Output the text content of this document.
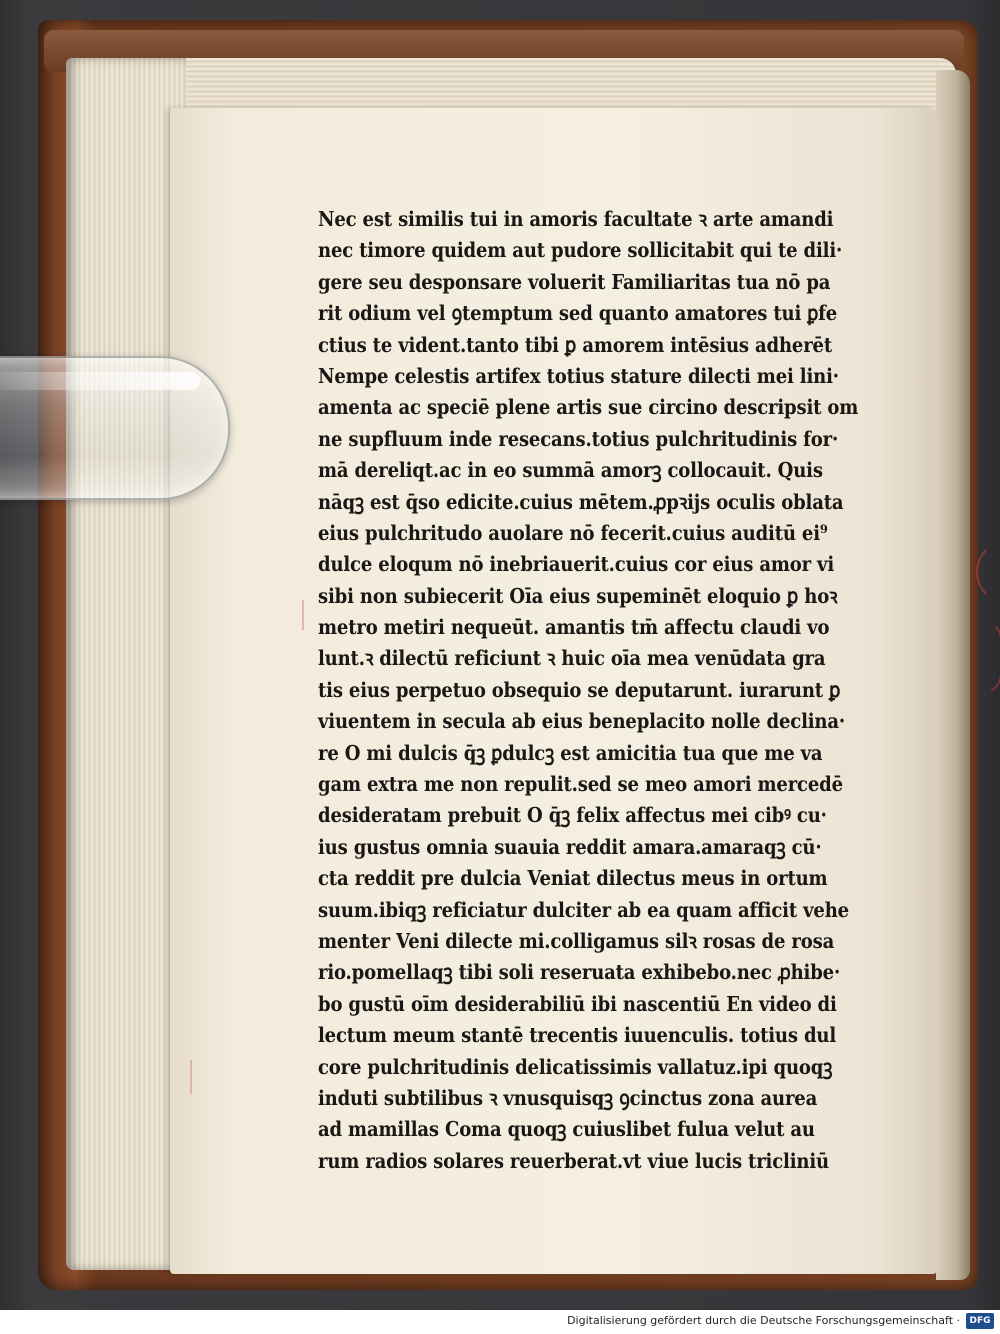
Nec est similis tui in amoris facultate ꝛ arte amandi
nec timore quidem aut pudore sollicitabit qui te dili·
gere seu desponsare voluerit Familiaritas tua nō pa
rit odium vel ꝯtemptum sed quanto amatores tui ꝑfe
ctius te vident.tanto tibi ꝑ amorem intēsius adherēt
Nempe celestis artifex totius stature dilecti mei lini·
amenta ac speciē plene artis sue circino descripsit om
ne supfluum inde resecans.totius pulchritudinis for·
mā dereliqt.ac in eo summā amorꝫ collocauit. Quis
nāqꝫ est q̄so edicite.cuius mētem.ꝓpꝛijs oculis oblata
eius pulchritudo auolare nō fecerit.cuius auditū ei⁹
dulce eloqum nō inebriauerit.cuius cor eius amor vi
sibi non subiecerit Oīa eius supeminēt eloquio ꝑ hoꝛ
metro metiri nequeūt. amantis tm̄ affectu claudi vo
lunt.ꝛ dilectū reficiunt ꝛ huic oīa mea venūdata gra
tis eius perpetuo obsequio se deputarunt. iurarunt ꝑ
viuentem in secula ab eius beneplacito nolle declina·
re O mi dulcis q̄ꝫ ꝑdulcꝫ est amicitia tua que me va
gam extra me non repulit.sed se meo amori mercedē
desideratam prebuit O q̄ꝫ felix affectus mei cibꝰ cu·
ius gustus omnia suauia reddit amara.amaraqꝫ cū·
cta reddit pre dulcia Veniat dilectus meus in ortum
suum.ibiqꝫ reficiatur dulciter ab ea quam afficit vehe
menter Veni dilecte mi.colligamus silꝛ rosas de rosa
rio.pomellaqꝫ tibi soli reseruata exhibebo.nec ꝓhibe·
bo gustū oīm desiderabiliū ibi nascentiū En video di
lectum meum stantē trecentis iuuenculis. totius dul
core pulchritudinis delicatissimis vallatuz.ipi quoqꝫ
induti subtilibus ꝛ vnusquisqꝫ ꝯcinctus zona aurea
ad mamillas Coma quoqꝫ cuiuslibet fulua velut au
rum radios solares reuerberat.vt viue lucis tricliniū
Digitalisierung gefördert durch die Deutsche Forschungsgemeinschaft ·	DFG
